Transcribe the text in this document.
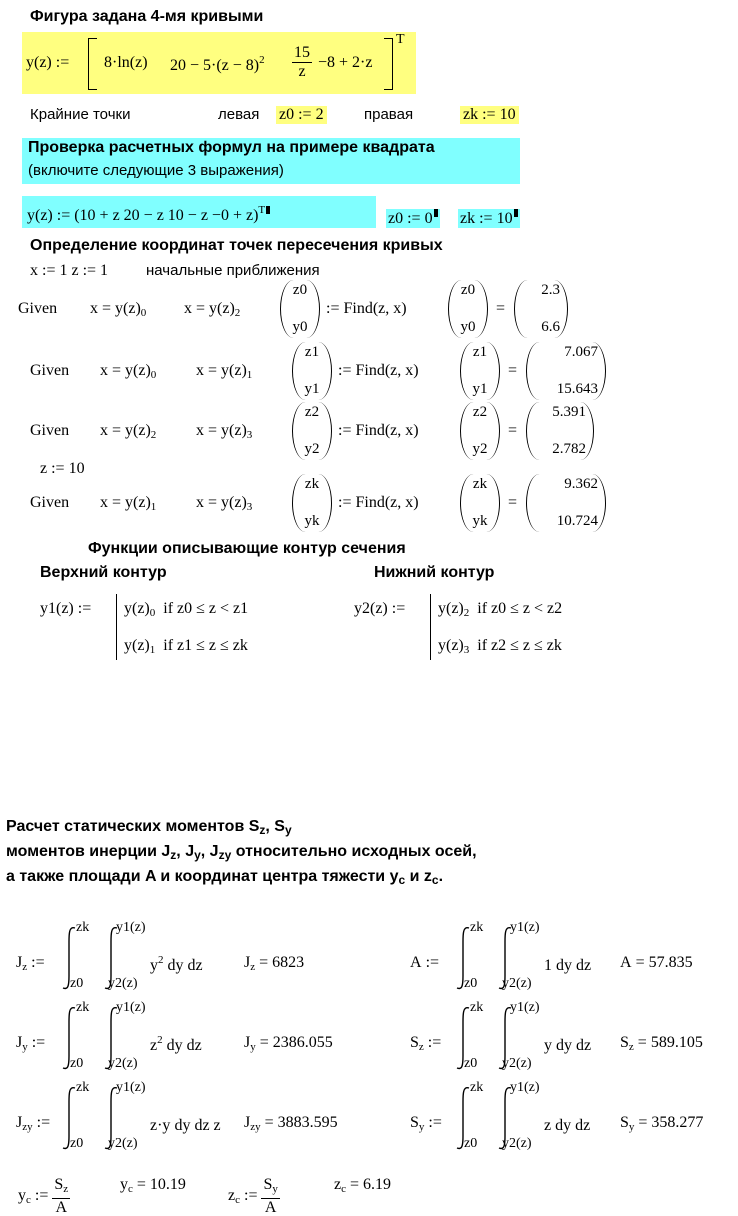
Фигура задана 4-мя кривыми
y(z) := 8·ln(z) $20 - 5\cdot(z - 8)^2 \frac{15}{z} -8 + 2\cdot z$
T
Крайние точки	левая z0 := 2	правая	zk := 10
Проверка расчетных формул на примере квадрата
(включите следующие 3 выражения)
y(z) := (10 + z 20 − z 10 − z −0 + z)$^T$	z0 := 0	zk := 10
Определение координат точек пересечения кривых
x := 1 z := 1	начальные приближения
Given $x = y(z)_0$ $x = y(z)_2$
z0
y0
:= Find(z, x)
z0
y0
=
2.3
6.6
Given $x = y(z)_0$ $x = y(z)_1$
z1
y1
:= Find(z, x)
z1
y1
=
7.067
15.643
Given $x = y(z)_2$ $x = y(z)_3$
z2
y2
:= Find(z, x)
z2
y2
=
5.391
2.782
z := 10
Given $x = y(z)_1$ $x = y(z)_3$
zk
yk
:= Find(z, x)
zk
yk
=
9.362
10.724
Функции описывающие контур сечения
Верхний контур	Нижний контур
y1(z) := $y(z)_0$ if z0 ≤ z < z1
$y(z)_1$ if z1 ≤ z ≤ zk
y2(z) := $y(z)_2$ if z0 ≤ z < z2
$y(z)_3$ if z2 ≤ z ≤ zk
Расчет статических моментов Sz, Sy
моментов инерции Jz, Jy, Jzy относительно исходных осей,
а также площади A и координат центра тяжести yc и zc.
$J_z$ :=
zk
z0
y1(z)
y2(z)
$y^2$ dy dz	$J_z = 6823$	A :=
zk
z0
y1(z)
y2(z)
1 dy dz A = 57.835
$J_y$ :=
zk
z0
y1(z)
y2(z)
$z^2$ dy dz	$J_y = 2386.055$	$S_z$ :=
zk
z0
y1(z)
y2(z)
y dy dz $S_z = 589.105$
$J_{zy}$ :=
zk
z0
y1(z)
y2(z)
z·y dy dz z $J_{zy} = 3883.595$	$S_y$ :=
zk
z0
y1(z)
y2(z)
z dy dz $S_y = 358.277$
$y_c$ := $\frac{S_z}{A}$	$y_c = 10.19$
$z_c$ := $\frac{S_y}{A}$	$z_c = 6.19$
